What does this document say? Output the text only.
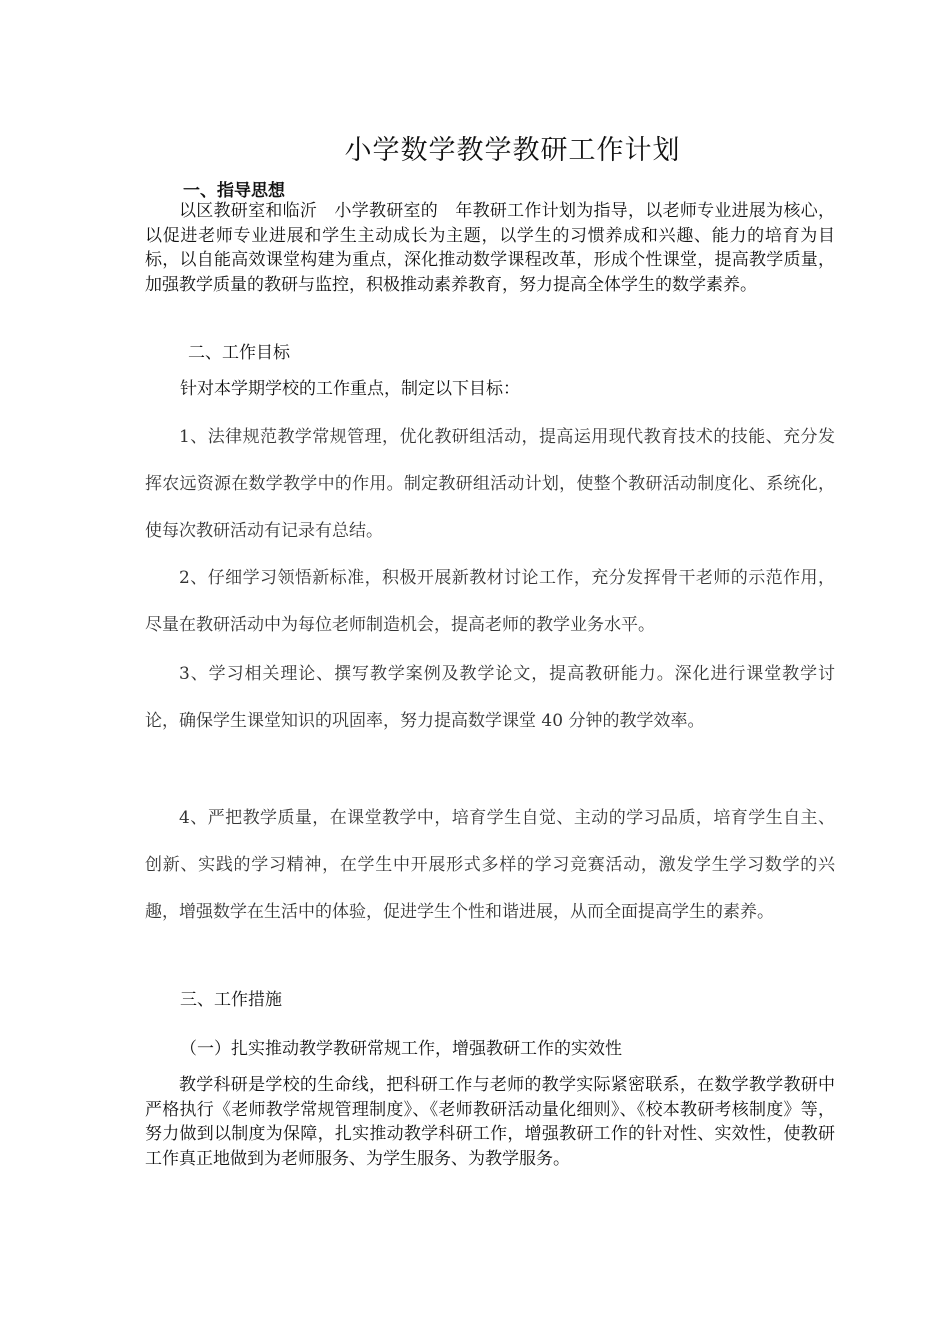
小学数学教学教研工作计划
一、指导思想

以区教研室和临沂　小学教研室的　年教研工作计划为指导，以老师专业进展为核心，以促进老师专业进展和学生主动成长为主题，以学生的习惯养成和兴趣、能力的培育为目标，以自能高效课堂构建为重点，深化推动数学课程改革，形成个性课堂，提高教学质量，加强教学质量的教研与监控，积极推动素养教育，努力提高全体学生的数学素养。

二、工作目标
针对本学期学校的工作重点，制定以下目标：

1、法律规范教学常规管理，优化教研组活动，提高运用现代教育技术的技能、充分发挥农远资源在数学教学中的作用。制定教研组活动计划，使整个教研活动制度化、系统化，使每次教研活动有记录有总结。

2、仔细学习领悟新标准，积极开展新教材讨论工作，充分发挥骨干老师的示范作用，尽量在教研活动中为每位老师制造机会，提高老师的教学业务水平。

3、学习相关理论、撰写教学案例及教学论文，提高教研能力。深化进行课堂教学讨论，确保学生课堂知识的巩固率，努力提高数学课堂 40 分钟的教学效率。

4、严把教学质量，在课堂教学中，培育学生自觉、主动的学习品质，培育学生自主、创新、实践的学习精神，在学生中开展形式多样的学习竞赛活动，激发学生学习数学的兴趣，增强数学在生活中的体验，促进学生个性和谐进展，从而全面提高学生的素养。

三、工作措施
（一）扎实推动教学教研常规工作，增强教研工作的实效性

教学科研是学校的生命线，把科研工作与老师的教学实际紧密联系，在数学教学教研中严格执行《老师教学常规管理制度》、《老师教研活动量化细则》、《校本教研考核制度》等，努力做到以制度为保障，扎实推动教学科研工作，增强教研工作的针对性、实效性，使教研工作真正地做到为老师服务、为学生服务、为教学服务。
